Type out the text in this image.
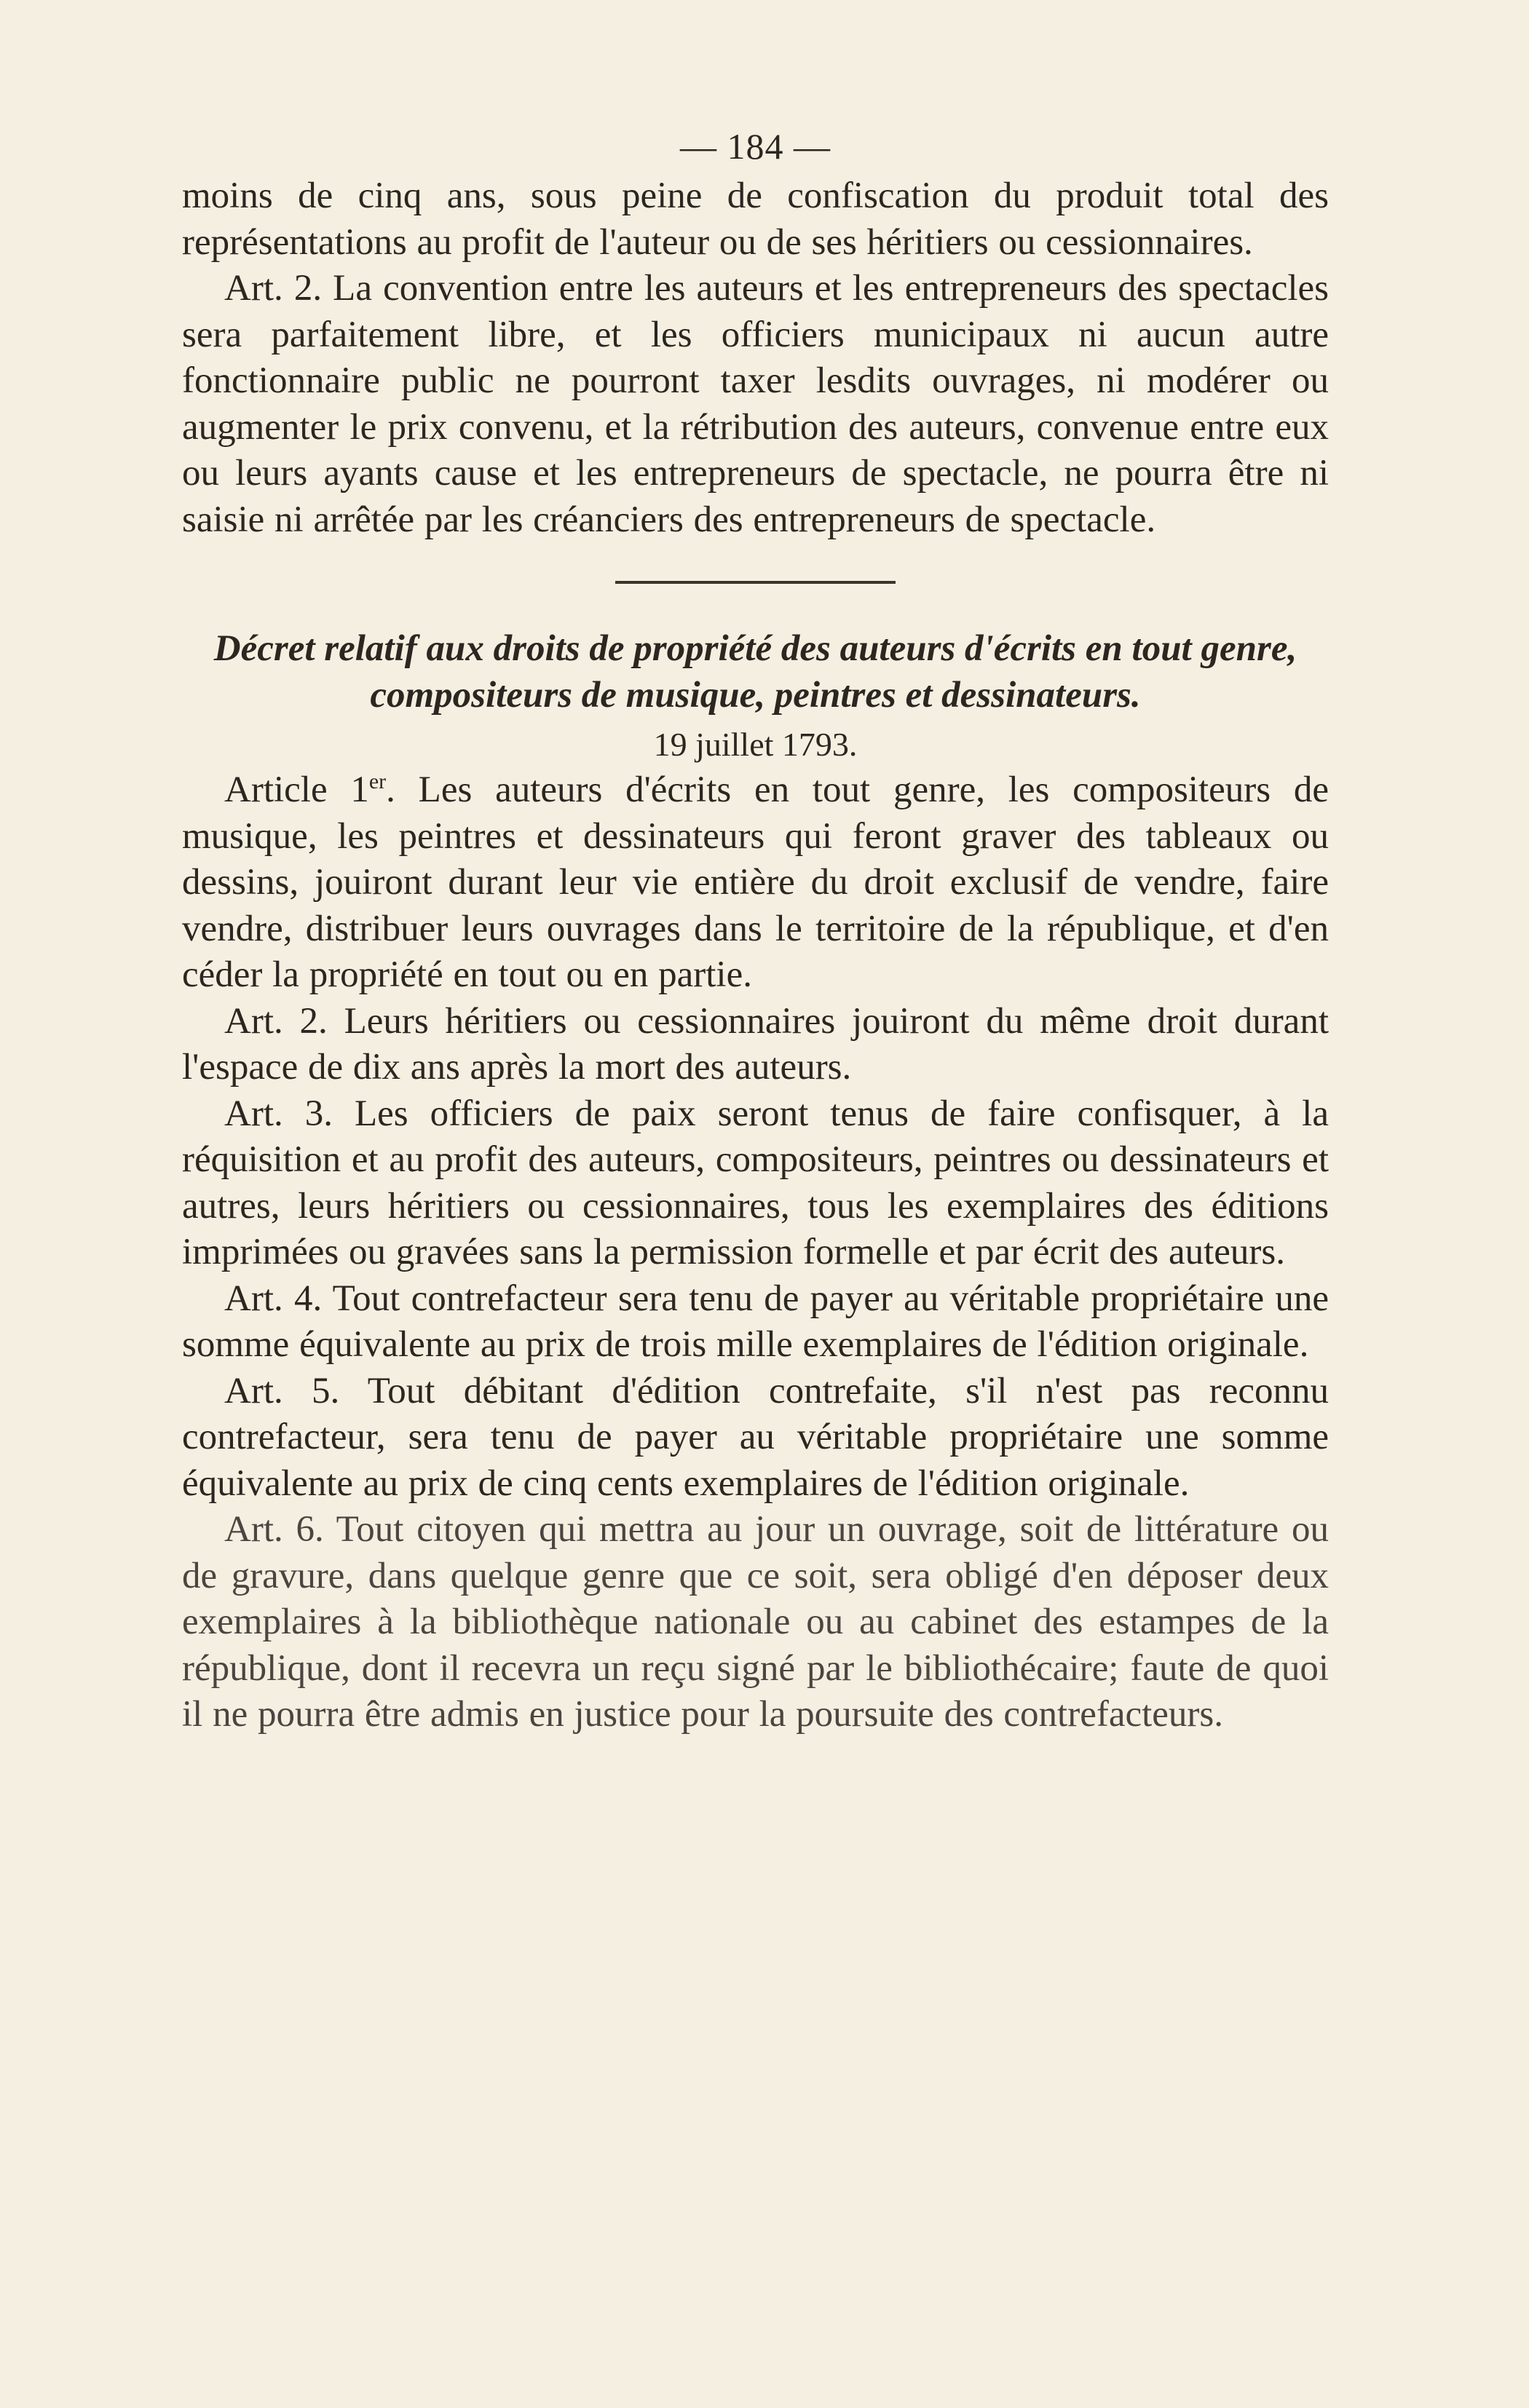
— 184 —

moins de cinq ans, sous peine de confiscation du produit total des représentations au profit de l'auteur ou de ses héritiers ou cessionnaires.

Art. 2. La convention entre les auteurs et les entrepreneurs des spectacles sera parfaitement libre, et les officiers municipaux ni aucun autre fonctionnaire public ne pourront taxer lesdits ouvrages, ni modérer ou augmenter le prix convenu, et la rétribution des auteurs, convenue entre eux ou leurs ayants cause et les entrepreneurs de spectacle, ne pourra être ni saisie ni arrêtée par les créanciers des entrepreneurs de spectacle.

Décret relatif aux droits de propriété des auteurs d'écrits en tout genre, compositeurs de musique, peintres et dessinateurs.

19 juillet 1793.

Article 1er. Les auteurs d'écrits en tout genre, les compositeurs de musique, les peintres et dessinateurs qui feront graver des tableaux ou dessins, jouiront durant leur vie entière du droit exclusif de vendre, faire vendre, distribuer leurs ouvrages dans le territoire de la république, et d'en céder la propriété en tout ou en partie.

Art. 2. Leurs héritiers ou cessionnaires jouiront du même droit durant l'espace de dix ans après la mort des auteurs.

Art. 3. Les officiers de paix seront tenus de faire confisquer, à la réquisition et au profit des auteurs, compositeurs, peintres ou dessinateurs et autres, leurs héritiers ou cessionnaires, tous les exemplaires des éditions imprimées ou gravées sans la permission formelle et par écrit des auteurs.

Art. 4. Tout contrefacteur sera tenu de payer au véritable propriétaire une somme équivalente au prix de trois mille exemplaires de l'édition originale.

Art. 5. Tout débitant d'édition contrefaite, s'il n'est pas reconnu contrefacteur, sera tenu de payer au véritable propriétaire une somme équivalente au prix de cinq cents exemplaires de l'édition originale.

Art. 6. Tout citoyen qui mettra au jour un ouvrage, soit de littérature ou de gravure, dans quelque genre que ce soit, sera obligé d'en déposer deux exemplaires à la bibliothèque nationale ou au cabinet des estampes de la république, dont il recevra un reçu signé par le bibliothécaire; faute de quoi il ne pourra être admis en justice pour la poursuite des contrefacteurs.
